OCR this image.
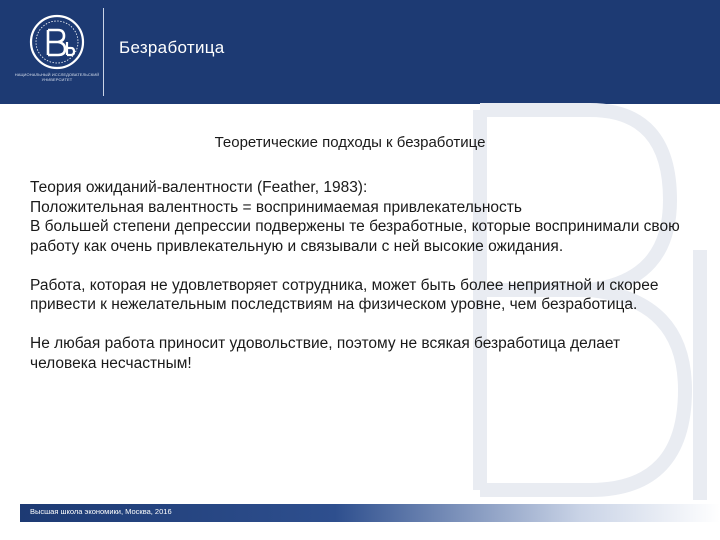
НАЦИОНАЛЬНЫЙ ИССЛЕДОВАТЕЛЬСКИЙ УНИВЕРСИТЕТ
Безработица
Теоретические подходы к безработице

Теория ожиданий-валентности (Feather, 1983):

Положительная валентность = воспринимаемая привлекательность

В большей степени депрессии подвержены те безработные, которые воспринимали свою работу как очень привлекательную и связывали с ней высокие ожидания.

Работа, которая не удовлетворяет сотрудника, может быть более неприятной и скорее привести к нежелательным последствиям на физическом уровне, чем безработица.

Не любая работа приносит удовольствие, поэтому не всякая безработица делает человека несчастным!

Высшая школа экономики, Москва, 2016
